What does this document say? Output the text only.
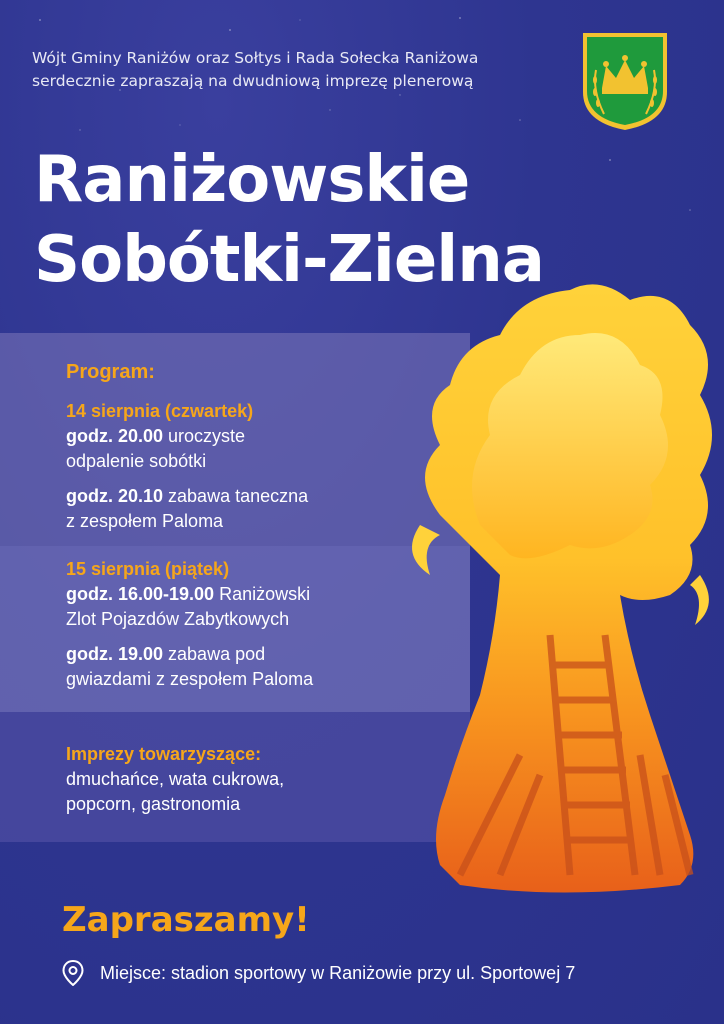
Wójt Gminy Raniżów oraz Sołtys i Rada Sołecka Raniżowa
serdecznie zapraszają na dwudniową imprezę plenerową
Raniżowskie
Sobótki-Zielna
Program:
14 sierpnia (czwartek)
godz. 20.00 uroczyste
odpalenie sobótki
godz. 20.10 zabawa taneczna
z zespołem Paloma
15 sierpnia (piątek)
godz. 16.00-19.00 Raniżowski
Zlot Pojazdów Zabytkowych
godz. 19.00 zabawa pod
gwiazdami z zespołem Paloma
Imprezy towarzyszące:
dmuchańce, wata cukrowa,
popcorn, gastronomia
Zapraszamy!
Miejsce: stadion sportowy w Raniżowie przy ul. Sportowej 7
